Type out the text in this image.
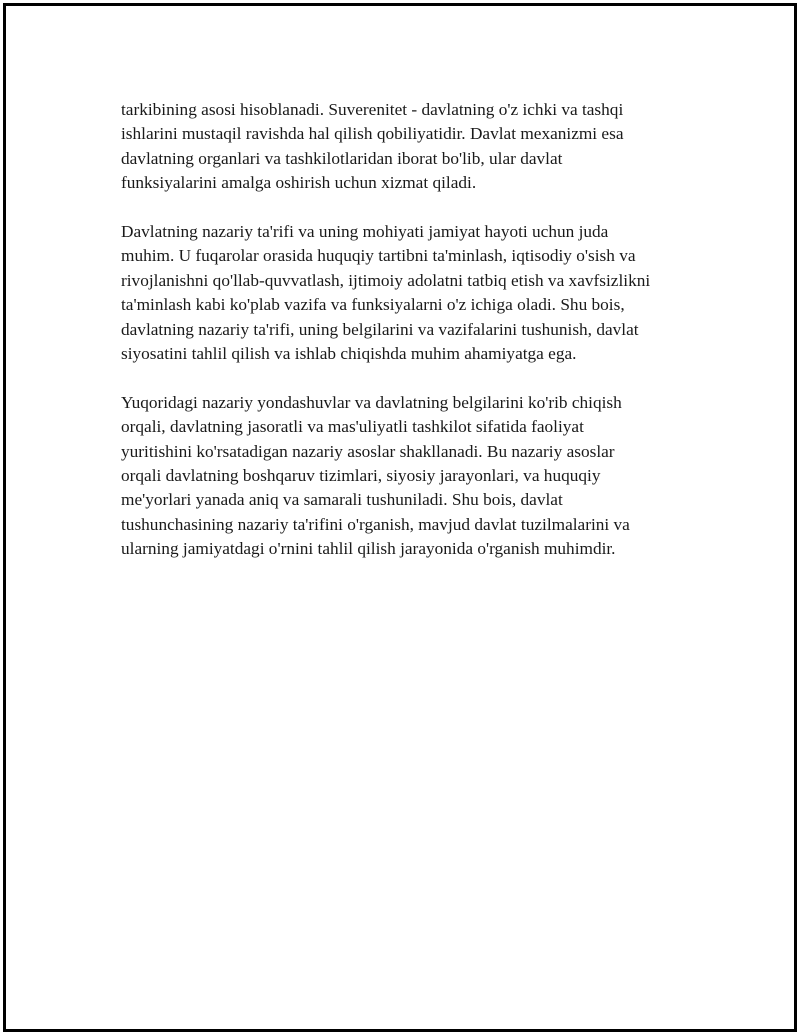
tarkibining asosi hisoblanadi. Suverenitet - davlatning o'z ichki va tashqi
ishlarini mustaqil ravishda hal qilish qobiliyatidir. Davlat mexanizmi esa
davlatning organlari va tashkilotlaridan iborat bo'lib, ular davlat
funksiyalarini amalga oshirish uchun xizmat qiladi.

Davlatning nazariy ta'rifi va uning mohiyati jamiyat hayoti uchun juda
muhim. U fuqarolar orasida huquqiy tartibni ta'minlash, iqtisodiy o'sish va
rivojlanishni qo'llab-quvvatlash, ijtimoiy adolatni tatbiq etish va xavfsizlikni
ta'minlash kabi ko'plab vazifa va funksiyalarni o'z ichiga oladi. Shu bois,
davlatning nazariy ta'rifi, uning belgilarini va vazifalarini tushunish, davlat
siyosatini tahlil qilish va ishlab chiqishda muhim ahamiyatga ega.

Yuqoridagi nazariy yondashuvlar va davlatning belgilarini ko'rib chiqish
orqali, davlatning jasoratli va mas'uliyatli tashkilot sifatida faoliyat
yuritishini ko'rsatadigan nazariy asoslar shakllanadi. Bu nazariy asoslar
orqali davlatning boshqaruv tizimlari, siyosiy jarayonlari, va huquqiy
me'yorlari yanada aniq va samarali tushuniladi. Shu bois, davlat
tushunchasining nazariy ta'rifini o'rganish, mavjud davlat tuzilmalarini va
ularning jamiyatdagi o'rnini tahlil qilish jarayonida o'rganish muhimdir.
